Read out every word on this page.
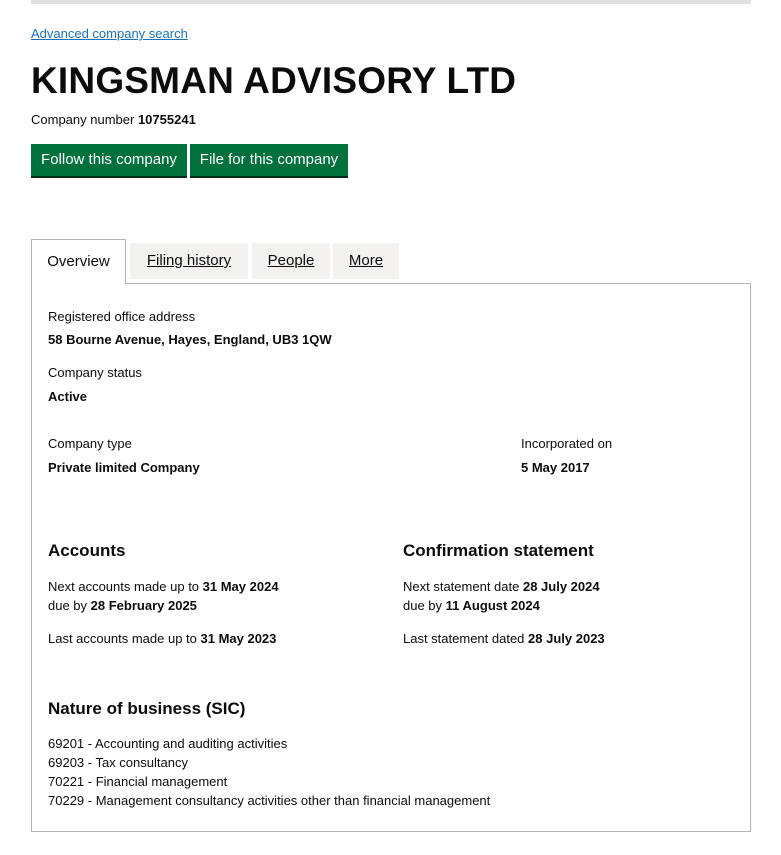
Advanced company search
KINGSMAN ADVISORY LTD
Company number 10755241
Follow this company	File for this company
Overview	Filing history	People	More
Registered office address
58 Bourne Avenue, Hayes, England, UB3 1QW
Company status
Active
Company type
Private limited Company
Incorporated on
5 May 2017
Accounts
Next accounts made up to 31 May 2024
due by 28 February 2025
Last accounts made up to 31 May 2023
Confirmation statement
Next statement date 28 July 2024
due by 11 August 2024
Last statement dated 28 July 2023
Nature of business (SIC)
69201 - Accounting and auditing activities
69203 - Tax consultancy
70221 - Financial management
70229 - Management consultancy activities other than financial management
